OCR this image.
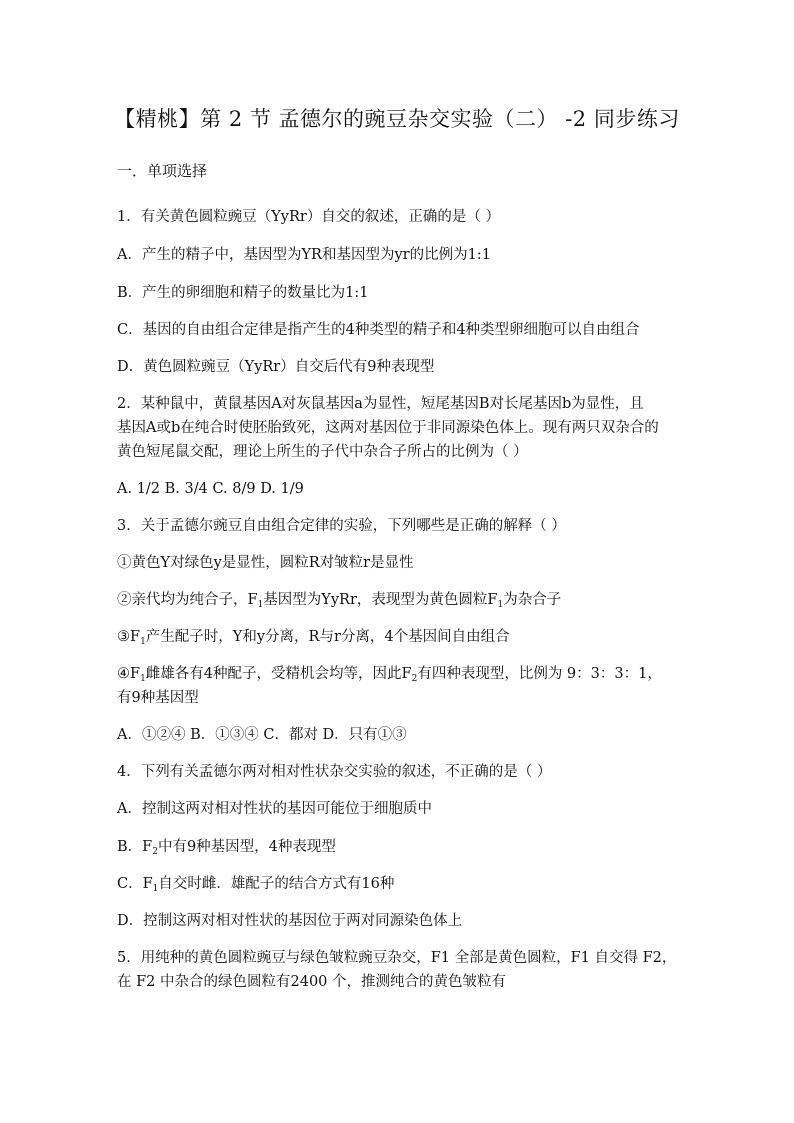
【精桃】第 2 节 孟德尔的豌豆杂交实验（二） -2 同步练习
一．单项选择
1．有关黄色圆粒豌豆（YyRr）自交的叙述，正确的是（ ）
A．产生的精子中，基因型为YR和基因型为yr的比例为1:1
B．产生的卵细胞和精子的数量比为1:1
C．基因的自由组合定律是指产生的4种类型的精子和4种类型卵细胞可以自由组合
D．黄色圆粒豌豆（YyRr）自交后代有9种表现型
2．某种鼠中，黄鼠基因A对灰鼠基因a为显性，短尾基因B对长尾基因b为显性，且
基因A或b在纯合时使胚胎致死，这两对基因位于非同源染色体上。现有两只双杂合的
黄色短尾鼠交配，理论上所生的子代中杂合子所占的比例为（ ）
A. 1/2 B. 3/4 C. 8/9 D. 1/9
3．关于孟德尔豌豆自由组合定律的实验，下列哪些是正确的解释（ ）
①黄色Y对绿色y是显性，圆粒R对皱粒r是显性
②亲代均为纯合子，$F_1$基因型为YyRr，表现型为黄色圆粒$F_1$为杂合子
$③F_1$产生配子时，Y和y分离，R与r分离，4个基因间自由组合
$④F_1$雌雄各有4种配子，受精机会均等，因此$F_2$有四种表现型，比例为 9：3：3：1，
有9种基因型
A．①②④ B．①③④ C．都对 D．只有①③
4．下列有关孟德尔两对相对性状杂交实验的叙述，不正确的是（ ）
A．控制这两对相对性状的基因可能位于细胞质中
B．$F_2$中有9种基因型，4种表现型
C．$F_1$自交时雌．雄配子的结合方式有16种
D．控制这两对相对性状的基因位于两对同源染色体上
5．用纯种的黄色圆粒豌豆与绿色皱粒豌豆杂交，F1 全部是黄色圆粒，F1 自交得 F2，
在 F2 中杂合的绿色圆粒有2400 个，推测纯合的黄色皱粒有
